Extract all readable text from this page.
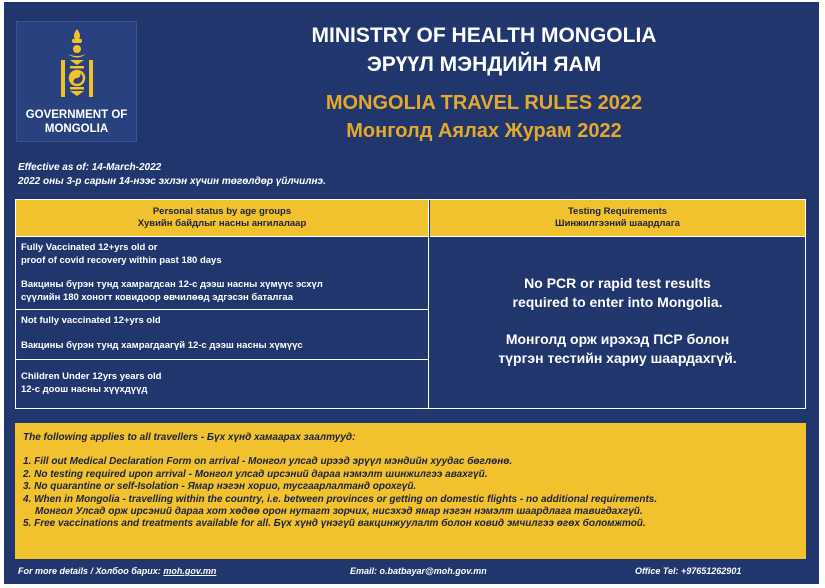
GOVERNMENT OF
MONGOLIA
MINISTRY OF HEALTH MONGOLIA
ЭРҮҮЛ МЭНДИЙН ЯАМ
MONGOLIA TRAVEL RULES 2022
Монголд Аялах Журам 2022
Effective as of: 14-March-2022
2022 оны 3-р сарын 14-нээс эхлэн хүчин төгөлдөр үйлчилнэ.
Personal status by age groups
Хувийн байдлыг насны ангилалаар
Testing Requirements
Шинжилгээний шаардлага
Fully Vaccinated 12+yrs old or
proof of covid recovery within past 180 days
Вакцины бүрэн тунд хамрагдсан 12-с дээш насны хүмүүс эсхүл
сүүлийн 180 хоногт ковидоор өвчилөөд эдгэсэн баталгаа
Not fully vaccinated 12+yrs old
Вакцины бүрэн тунд хамрагдаагүй 12-с дээш насны хүмүүс
Children Under 12yrs years old
12-с доош насны хүүхдүүд
No PCR or rapid test results
required to enter into Mongolia.
Монголд орж ирэхэд ПСР болон
түргэн тестийн хариу шаардахгүй.
The following applies to all travellers - Бүх хүнд хамаарах заалтууд:
1. Fill out Medical Declaration Form on arrival - Монгол улсад ирээд эрүүл мэндийн хуудас бөглөнө.
2. No testing required upon arrival - Монгол улсад ирсэний дараа нэмэлт шинжилгээ авахгүй.
3. No quarantine or self-Isolation - Ямар нэгэн хорио, тусгаарлалтанд орохгүй.
4. When in Mongolia - travelling within the country, i.e. between provinces or getting on domestic flights - no additional requirements.
Монгол Улсад орж ирсэний дараа хот хөдөө орон нутагт зорчих, нисэхэд ямар нэгэн нэмэлт шаардлага тавигдахгүй.
5. Free vaccinations and treatments available for all. Бүх хүнд үнэгүй вакцинжуулалт болон ковид эмчилгээ өгөх боломжтой.
For more details / Холбоо барих: moh.gov.mn	Email: o.batbayar@moh.gov.mn	Office Tel: +97651262901
